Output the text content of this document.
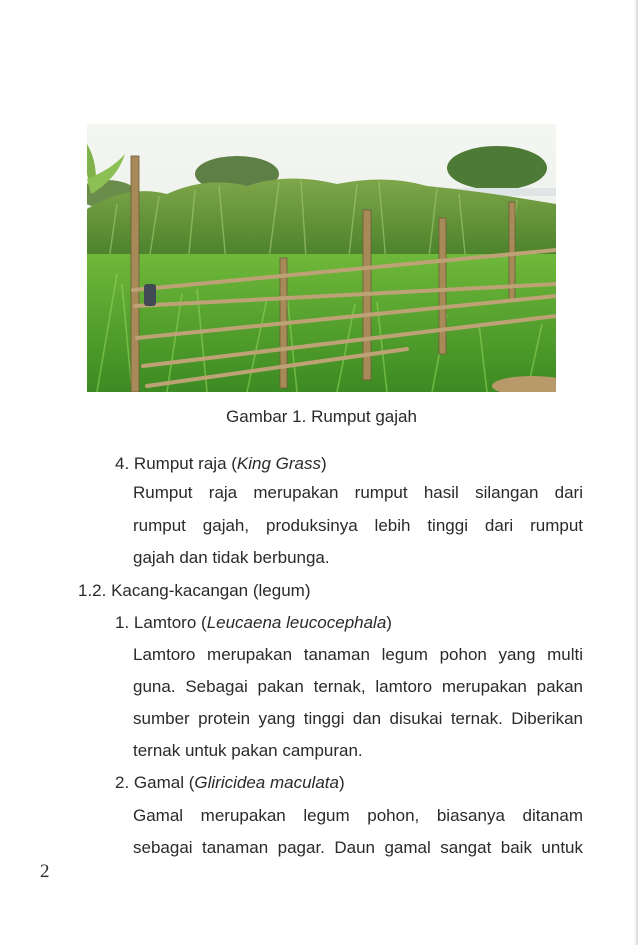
Gambar 1. Rumput gajah
4. Rumput raja (King Grass)
Rumput raja merupakan rumput hasil silangan dari
rumput gajah, produksinya lebih tinggi dari rumput
gajah dan tidak berbunga.
1.2. Kacang-kacangan (legum)
1. Lamtoro (Leucaena leucocephala)
Lamtoro merupakan tanaman legum pohon yang multi
guna. Sebagai pakan ternak, lamtoro merupakan pakan
sumber protein yang tinggi dan disukai ternak. Diberikan
ternak untuk pakan campuran.
2. Gamal (Gliricidea maculata)
Gamal merupakan legum pohon, biasanya ditanam
sebagai tanaman pagar. Daun gamal sangat baik untuk
2
